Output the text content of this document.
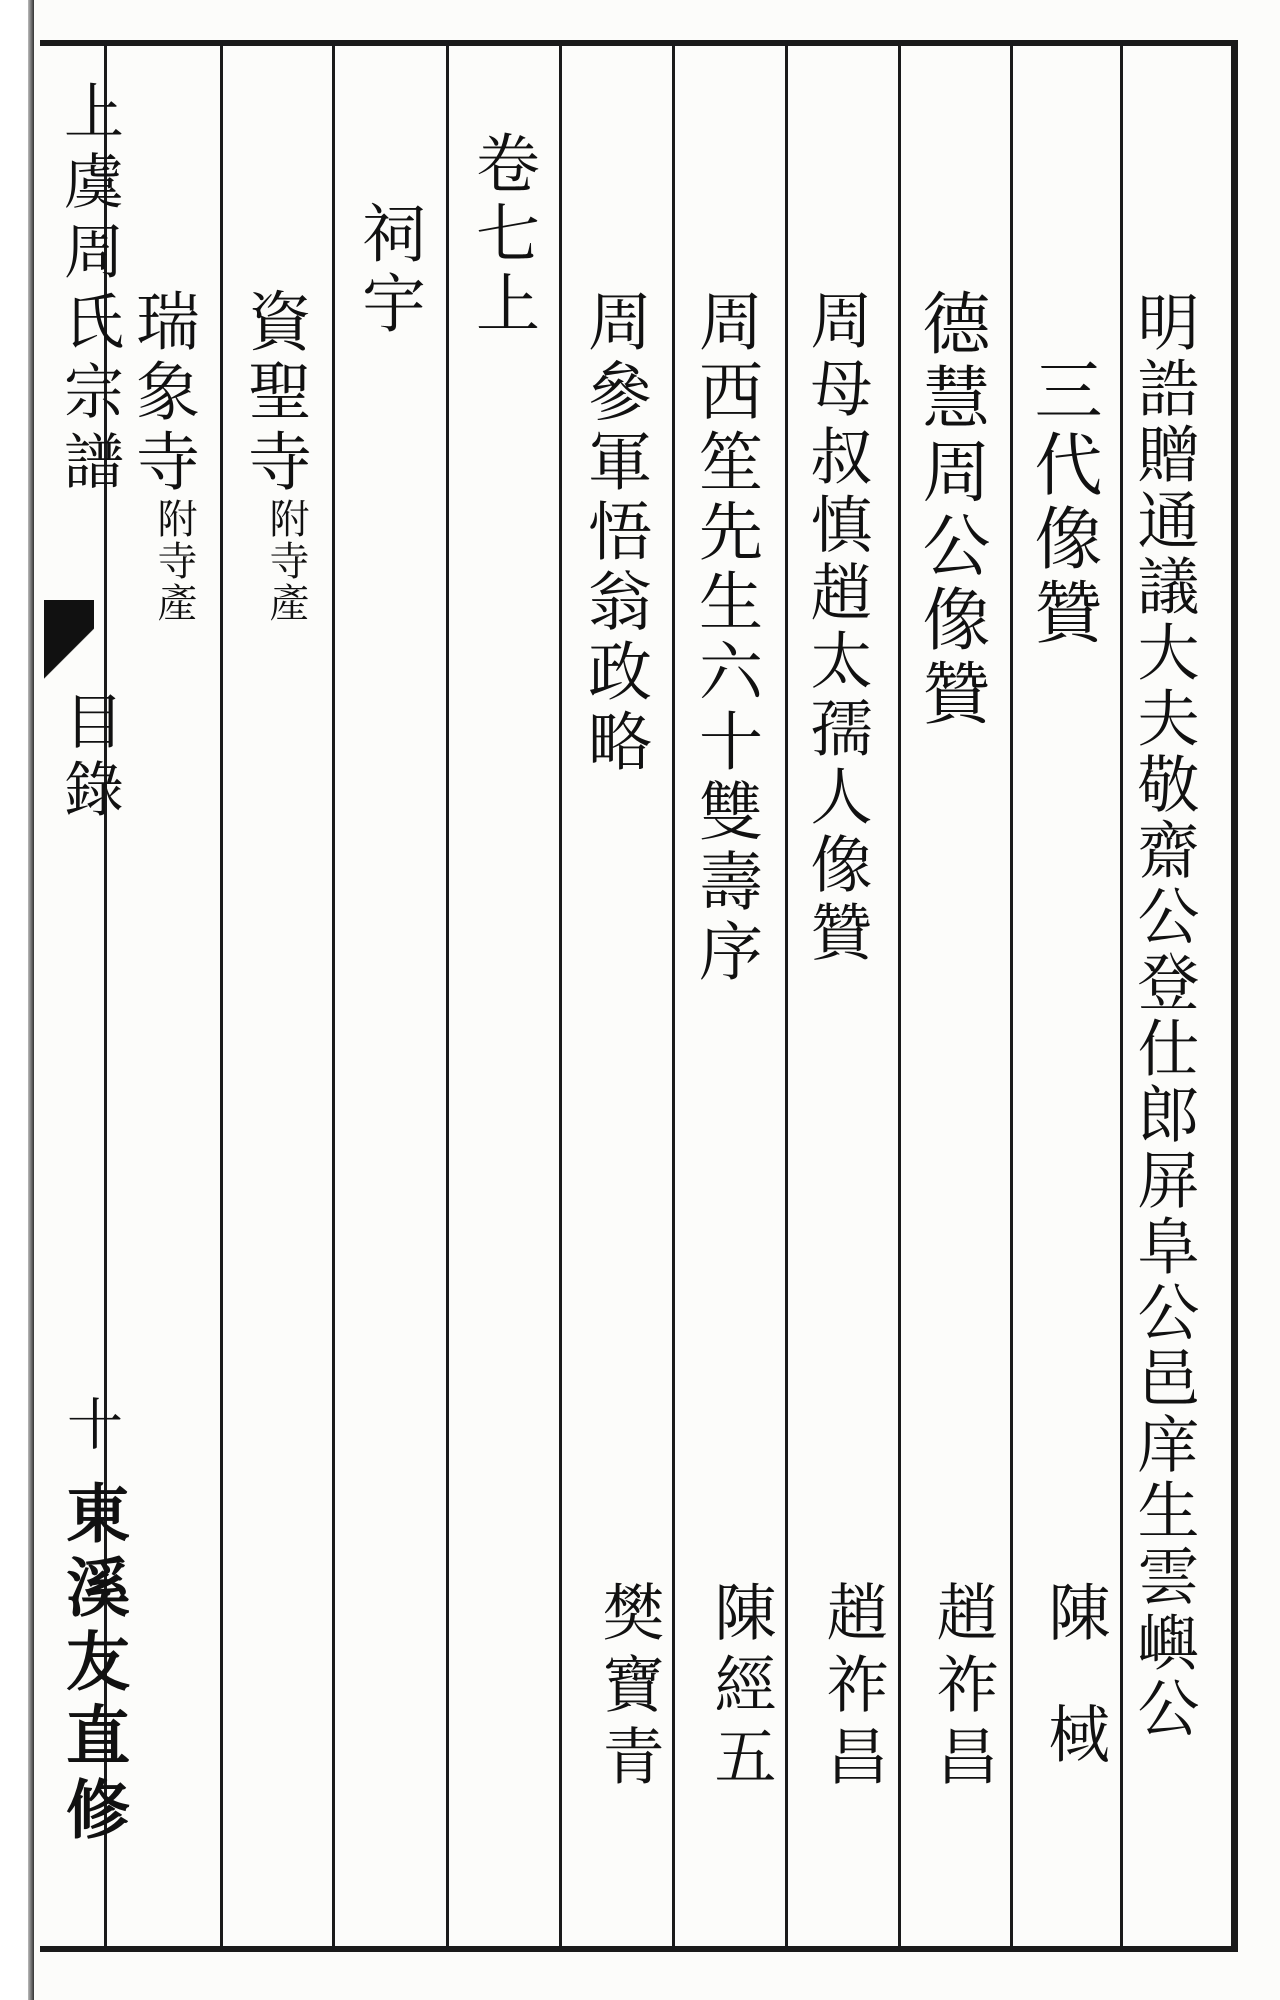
上虞周氏宗譜
目錄
十
東溪友直修	明誥贈通議大夫敬齋公登仕郎屏阜公邑庠生雲嶼公
三代像贊
陳棫
德慧周公像贊
趙祚昌
周母叔慎趙太孺人像贊
趙祚昌
周西笙先生六十雙壽序
陳經五
周參軍悟翁政略
樊寶青
卷七上
祠宇
資聖寺附寺產
瑞象寺附寺產
